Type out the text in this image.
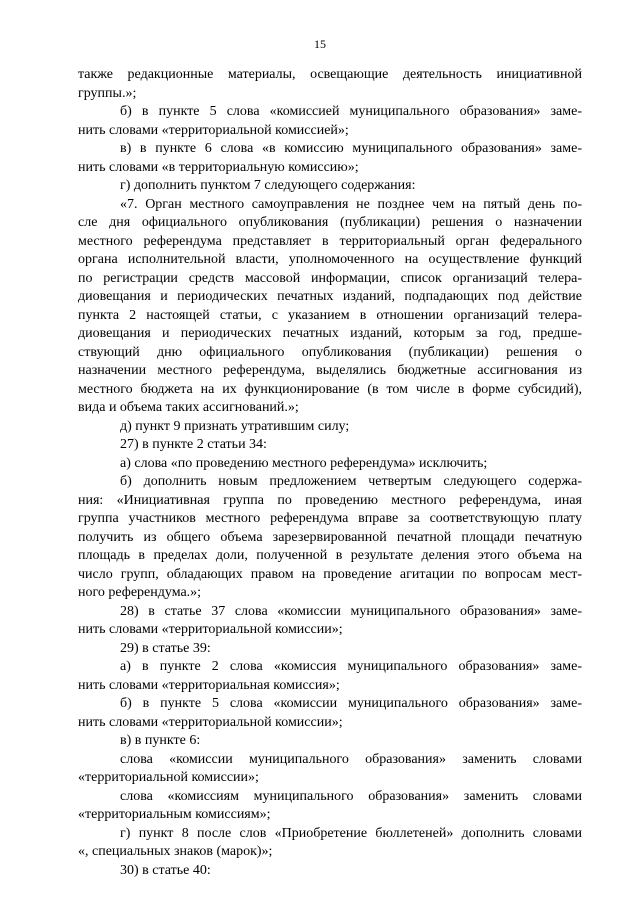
15
также редакционные материалы, освещающие деятельность инициативной
группы.»;
б) в пункте 5 слова «комиссией муниципального образования» заме-
нить словами «территориальной комиссией»;
в) в пункте 6 слова «в комиссию муниципального образования» заме-
нить словами «в территориальную комиссию»;
г) дополнить пунктом 7 следующего содержания:
«7. Орган местного самоуправления не позднее чем на пятый день по-
сле дня официального опубликования (публикации) решения о назначении
местного референдума представляет в территориальный орган федерального
органа исполнительной власти, уполномоченного на осуществление функций
по регистрации средств массовой информации, список организаций телера-
диовещания и периодических печатных изданий, подпадающих под действие
пункта 2 настоящей статьи, с указанием в отношении организаций телера-
диовещания и периодических печатных изданий, которым за год, предше-
ствующий дню официального опубликования (публикации) решения о
назначении местного референдума, выделялись бюджетные ассигнования из
местного бюджета на их функционирование (в том числе в форме субсидий),
вида и объема таких ассигнований.»;
д) пункт 9 признать утратившим силу;
27) в пункте 2 статьи 34:
а) слова «по проведению местного референдума» исключить;
б) дополнить новым предложением четвертым следующего содержа-
ния: «Инициативная группа по проведению местного референдума, иная
группа участников местного референдума вправе за соответствующую плату
получить из общего объема зарезервированной печатной площади печатную
площадь в пределах доли, полученной в результате деления этого объема на
число групп, обладающих правом на проведение агитации по вопросам мест-
ного референдума.»;
28) в статье 37 слова «комиссии муниципального образования» заме-
нить словами «территориальной комиссии»;
29) в статье 39:
а) в пункте 2 слова «комиссия муниципального образования» заме-
нить словами «территориальная комиссия»;
б) в пункте 5 слова «комиссии муниципального образования» заме-
нить словами «территориальной комиссии»;
в) в пункте 6:
слова «комиссии муниципального образования» заменить словами
«территориальной комиссии»;
слова «комиссиям муниципального образования» заменить словами
«территориальным комиссиям»;
г) пункт 8 после слов «Приобретение бюллетеней» дополнить словами
«, специальных знаков (марок)»;
30) в статье 40:
